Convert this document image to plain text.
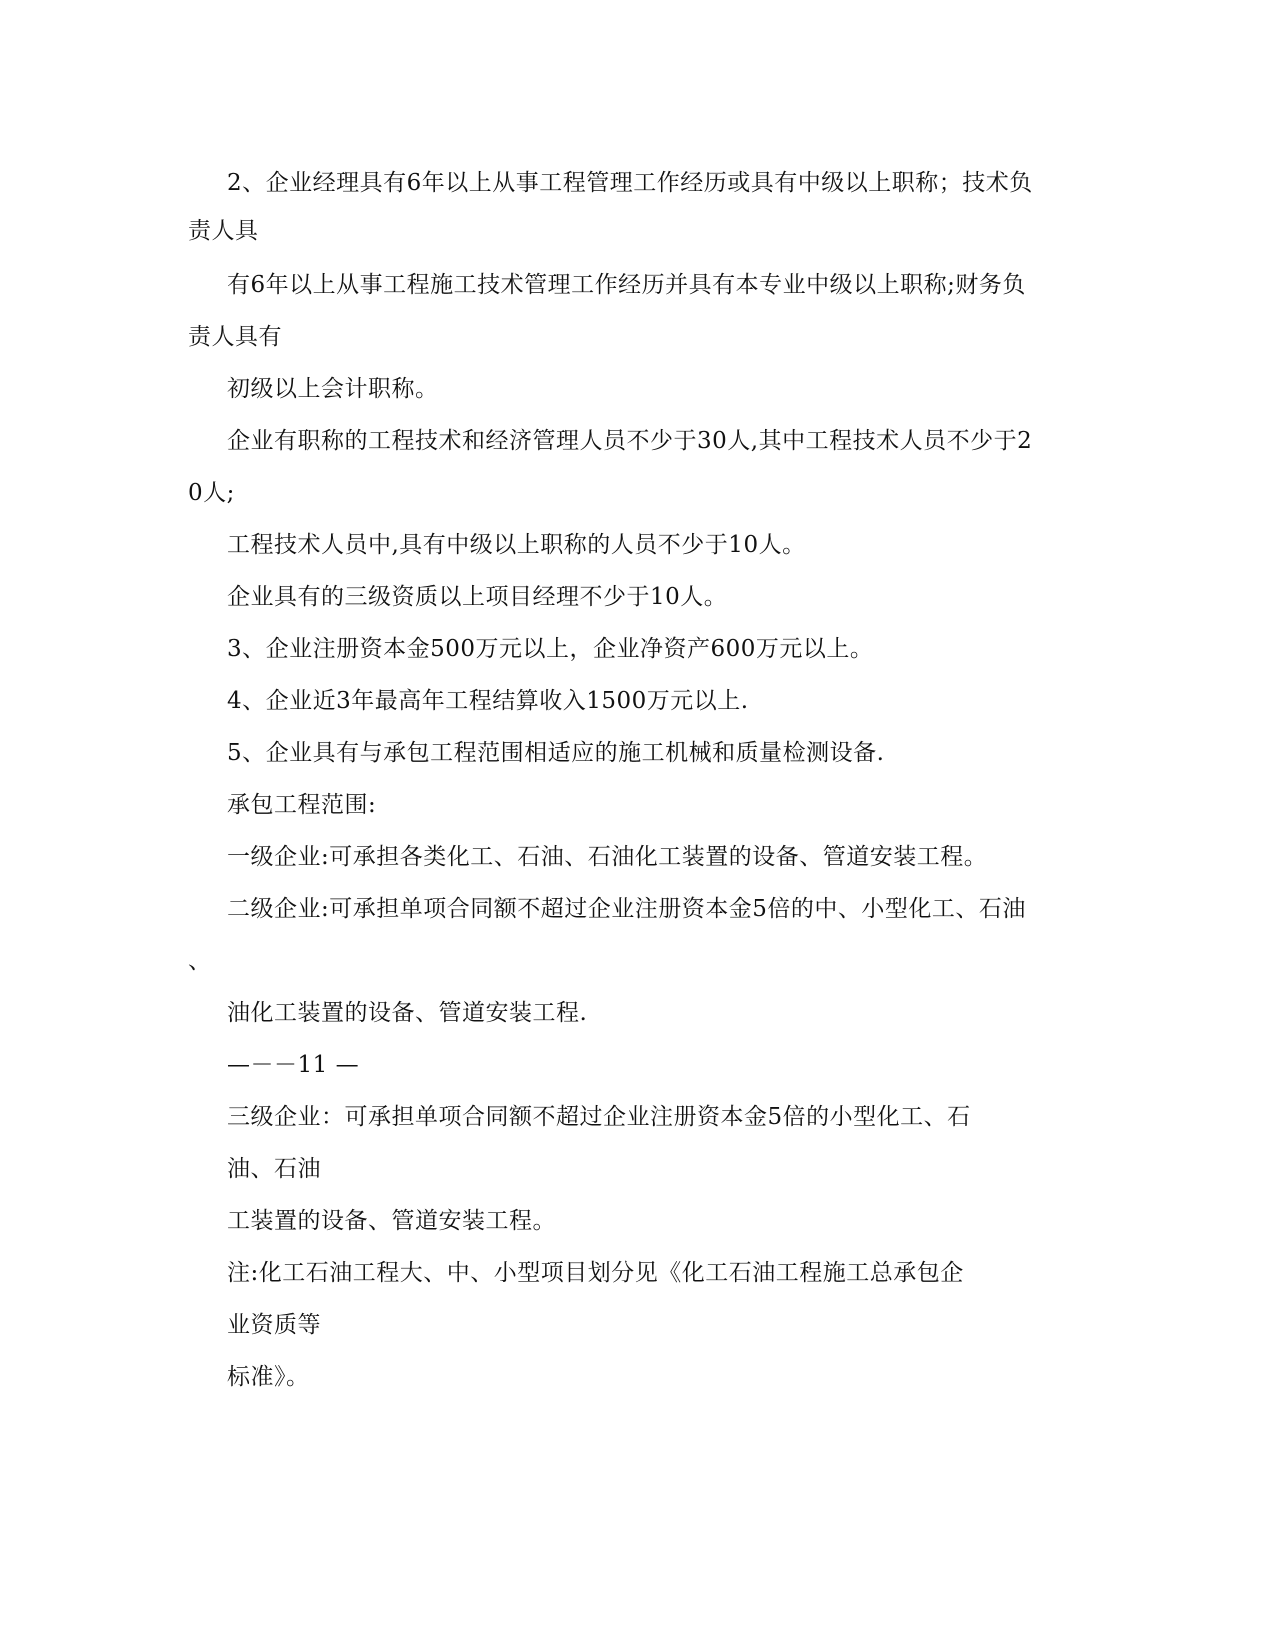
2、企业经理具有6年以上从事工程管理工作经历或具有中级以上职称；技术负
责人具
有6年以上从事工程施工技术管理工作经历并具有本专业中级以上职称;财务负
责人具有
初级以上会计职称。
企业有职称的工程技术和经济管理人员不少于30人,其中工程技术人员不少于2
0人;
工程技术人员中,具有中级以上职称的人员不少于10人。
企业具有的三级资质以上项目经理不少于10人。
3、企业注册资本金500万元以上，企业净资产600万元以上。
4、企业近3年最高年工程结算收入1500万元以上.
5、企业具有与承包工程范围相适应的施工机械和质量检测设备.
承包工程范围:
一级企业:可承担各类化工、石油、石油化工装置的设备、管道安装工程。
二级企业:可承担单项合同额不超过企业注册资本金5倍的中、小型化工、石油
、
油化工装置的设备、管道安装工程.
—－－11 —
三级企业：可承担单项合同额不超过企业注册资本金5倍的小型化工、石
油、石油
工装置的设备、管道安装工程。
注:化工石油工程大、中、小型项目划分见《化工石油工程施工总承包企
业资质等
标准》。
